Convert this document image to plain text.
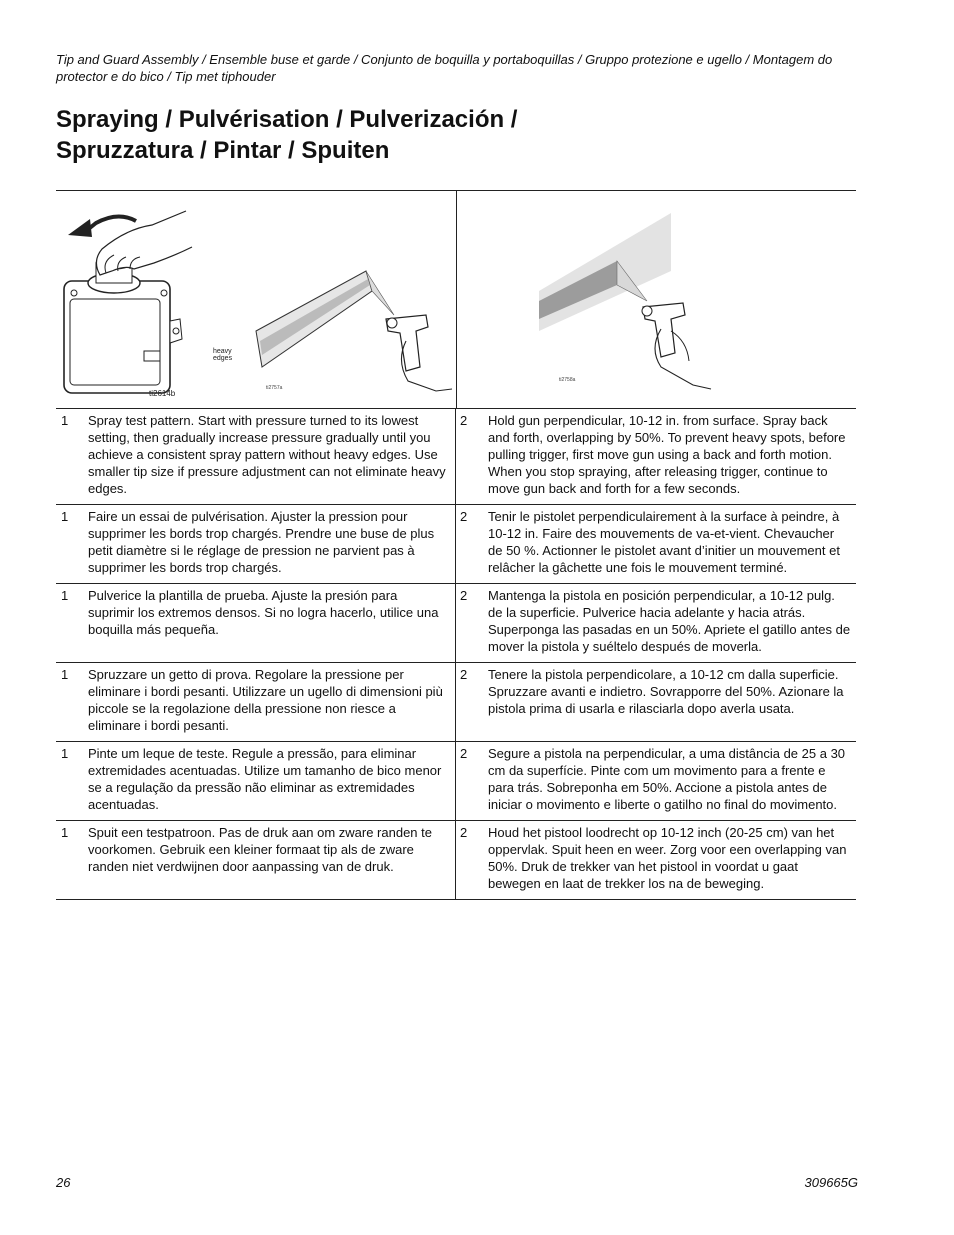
Tip and Guard Assembly / Ensemble buse et garde / Conjunto de boquilla y portaboquillas / Gruppo protezione e ugello / Montagem do protector e do bico / Tip met tiphouder
Spraying / Pulvérisation / Pulverización /
Spruzzatura / Pintar / Spuiten
ti2614b
heavy
edges
ti2757a
ti2758a
1	Spray test pattern. Start with pressure turned to its lowest setting, then gradually increase pressure gradually until you achieve a consistent spray pattern without heavy edges. Use smaller tip size if pressure adjustment can not eliminate heavy edges.
2	Hold gun perpendicular, 10-12 in. from surface. Spray back and forth, overlapping by 50%. To prevent heavy spots, before pulling trigger, first move gun using a back and forth motion. When you stop spraying, after releasing trigger, continue to move gun back and forth for a few seconds.
1	Faire un essai de pulvérisation. Ajuster la pression pour supprimer les bords trop chargés. Prendre une buse de plus petit diamètre si le réglage de pression ne parvient pas à supprimer les bords trop chargés.
2	Tenir le pistolet perpendiculairement à la surface à peindre, à 10-12 in. Faire des mouvements de va-et-vient. Chevaucher de 50 %. Actionner le pistolet avant d’initier un mouvement et relâcher la gâchette une fois le mouvement terminé.
1	Pulverice la plantilla de prueba. Ajuste la presión para suprimir los extremos densos. Si no logra hacerlo, utilice una boquilla más pequeña.
2	Mantenga la pistola en posición perpendicular, a 10-12 pulg. de la superficie. Pulverice hacia adelante y hacia atrás. Superponga las pasadas en un 50%. Apriete el gatillo antes de mover la pistola y suéltelo después de moverla.
1	Spruzzare un getto di prova. Regolare la pressione per eliminare i bordi pesanti. Utilizzare un ugello di dimensioni più piccole se la regolazione della pressione non riesce a eliminare i bordi pesanti.
2	Tenere la pistola perpendicolare, a 10-12 cm dalla superficie. Spruzzare avanti e indietro. Sovrapporre del 50%. Azionare la pistola prima di usarla e rilasciarla dopo averla usata.
1	Pinte um leque de teste. Regule a pressão, para eliminar extremidades acentuadas. Utilize um tamanho de bico menor se a regulação da pressão não eliminar as extremidades acentuadas.
2	Segure a pistola na perpendicular, a uma distância de 25 a 30 cm da superfície. Pinte com um movimento para a frente e para trás. Sobreponha em 50%. Accione a pistola antes de iniciar o movimento e liberte o gatilho no final do movimento.
1	Spuit een testpatroon. Pas de druk aan om zware randen te voorkomen. Gebruik een kleiner formaat tip als de zware randen niet verdwijnen door aanpassing van de druk.
2	Houd het pistool loodrecht op 10-12 inch (20-25 cm) van het oppervlak. Spuit heen en weer. Zorg voor een overlapping van 50%. Druk de trekker van het pistool in voordat u gaat bewegen en laat de trekker los na de beweging.
26	309665G
